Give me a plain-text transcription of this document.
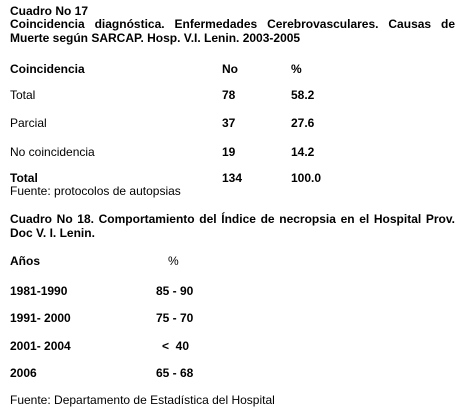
Cuadro No 17
Coincidencia diagnóstica. Enfermedades Cerebrovasculares. Causas de Muerte según SARCAP. Hosp. V.I. Lenin. 2003-2005
Coincidencia	No	%
Total	78	58.2
Parcial	37	27.6
No coincidencia	19	14.2
Total	134	100.0
Fuente: protocolos de autopsias
Cuadro No 18. Comportamiento del Índice de necropsia en el Hospital Prov. Doc V. I. Lenin.
Años	%
1981-1990	85 - 90
1991- 2000	75 - 70
2001- 2004	<  40
2006	65 - 68
Fuente: Departamento de Estadística del Hospital
